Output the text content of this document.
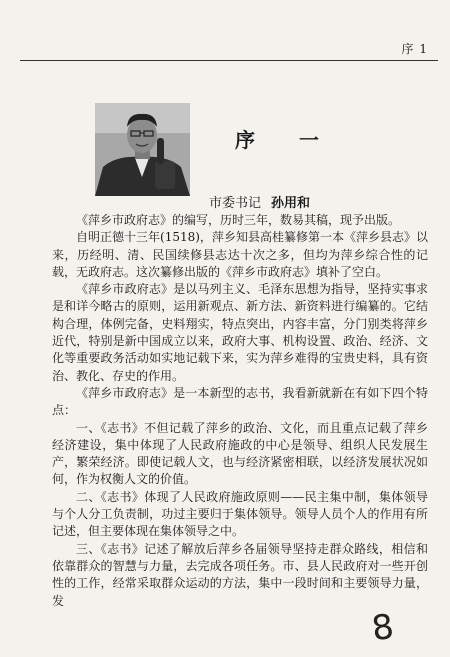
序 1
序　一
市委书记 孙用和

《萍乡市政府志》的编写，历时三年，数易其稿，现予出版。

自明正德十三年(1518)，萍乡知县高桂纂修第一本《萍乡县志》以来，历经明、清、民国续修县志达十次之多，但均为萍乡综合性的记载，无政府志。这次纂修出版的《萍乡市政府志》填补了空白。

《萍乡市政府志》是以马列主义、毛泽东思想为指导，坚持实事求是和详今略古的原则，运用新观点、新方法、新资料进行编纂的。它结构合理，体例完备，史料翔实，特点突出，内容丰富，分门别类将萍乡近代，特别是新中国成立以来，政府大事、机构设置、政治、经济、文化等重要政务活动如实地记载下来，实为萍乡难得的宝贵史料，具有资治、教化、存史的作用。

《萍乡市政府志》是一本新型的志书，我看新就新在有如下四个特点：

一、《志书》不但记载了萍乡的政治、文化，而且重点记载了萍乡经济建设，集中体现了人民政府施政的中心是领导、组织人民发展生产，繁荣经济。即使记载人文，也与经济紧密相联，以经济发展状况如何，作为权衡人文的价值。

二、《志书》体现了人民政府施政原则——民主集中制，集体领导与个人分工负责制，功过主要归于集体领导。领导人员个人的作用有所记述，但主要体现在集体领导之中。

三、《志书》记述了解放后萍乡各届领导坚持走群众路线，相信和依靠群众的智慧与力量，去完成各项任务。市、县人民政府对一些开创性的工作，经常采取群众运动的方法，集中一段时间和主要领导力量，发

8
